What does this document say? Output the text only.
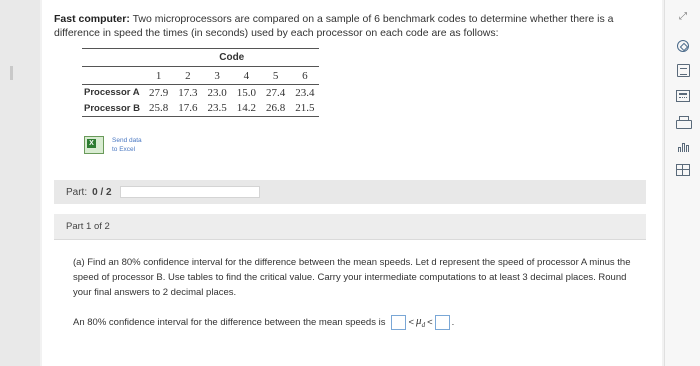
Fast computer: Two microprocessors are compared on a sample of 6 benchmark codes to determine whether there is a difference in speed the times (in seconds) used by each processor on each code are as follows:
	Code					
	1	2	3	4	5	6
Processor A	27.9	17.3	23.0	15.0	27.4	23.4
Processor B	25.8	17.6	23.5	14.2	26.8	21.5
X	Send data
to Excel
Part: 0 / 2
Part 1 of 2
(a) Find an 80% confidence interval for the difference between the mean speeds. Let d represent the speed of processor A minus the speed of processor B. Use tables to find the critical value. Carry your intermediate computations to at least 3 decimal places. Round your final answers to 2 decimal places.
An 80% confidence interval for the difference between the mean speeds is < $\mu_d$ < .
⤢
